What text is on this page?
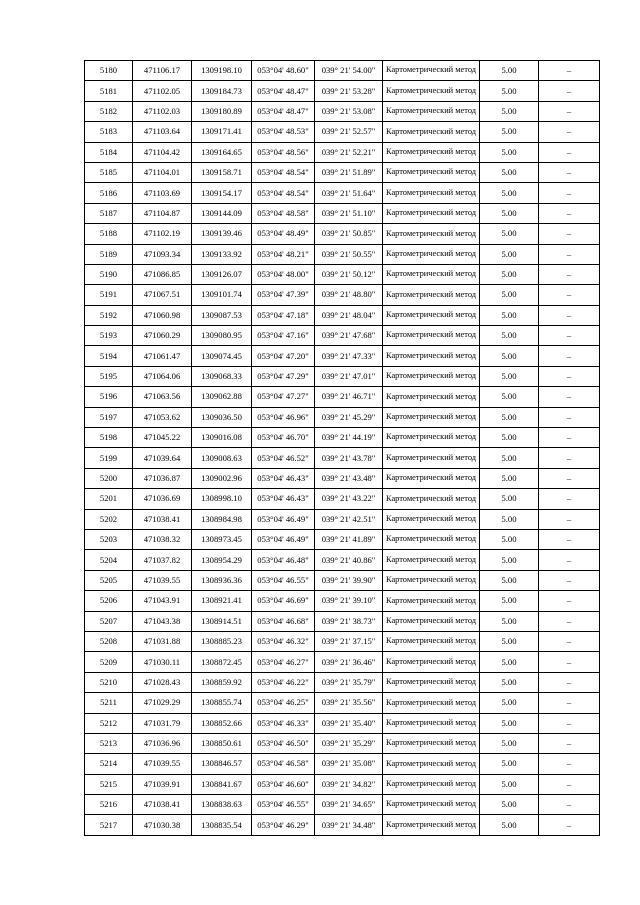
5180	471106.17	1309198.10	053°04' 48.60"	039° 21' 54.00"	Картометрический метод	5.00	–
5181	471102.05	1309184.73	053°04' 48.47"	039° 21' 53.28"	Картометрический метод	5.00	–
5182	471102.03	1309180.89	053°04' 48.47"	039° 21' 53.08"	Картометрический метод	5.00	–
5183	471103.64	1309171.41	053°04' 48.53"	039° 21' 52.57"	Картометрический метод	5.00	–
5184	471104.42	1309164.65	053°04' 48.56"	039° 21' 52.21"	Картометрический метод	5.00	–
5185	471104.01	1309158.71	053°04' 48.54"	039° 21' 51.89"	Картометрический метод	5.00	–
5186	471103.69	1309154.17	053°04' 48.54"	039° 21' 51.64"	Картометрический метод	5.00	–
5187	471104.87	1309144.09	053°04' 48.58"	039° 21' 51.10"	Картометрический метод	5.00	–
5188	471102.19	1309139.46	053°04' 48.49"	039° 21' 50.85"	Картометрический метод	5.00	–
5189	471093.34	1309133.92	053°04' 48.21"	039° 21' 50.55"	Картометрический метод	5.00	–
5190	471086.85	1309126.07	053°04' 48.00"	039° 21' 50.12"	Картометрический метод	5.00	–
5191	471067.51	1309101.74	053°04' 47.39"	039° 21' 48.80"	Картометрический метод	5.00	–
5192	471060.98	1309087.53	053°04' 47.18"	039° 21' 48.04"	Картометрический метод	5.00	–
5193	471060.29	1309080.95	053°04' 47.16"	039° 21' 47.68"	Картометрический метод	5.00	–
5194	471061.47	1309074.45	053°04' 47.20"	039° 21' 47.33"	Картометрический метод	5.00	–
5195	471064.06	1309068.33	053°04' 47.29"	039° 21' 47.01"	Картометрический метод	5.00	–
5196	471063.56	1309062.88	053°04' 47.27"	039° 21' 46.71"	Картометрический метод	5.00	–
5197	471053.62	1309036.50	053°04' 46.96"	039° 21' 45.29"	Картометрический метод	5.00	–
5198	471045.22	1309016.08	053°04' 46.70"	039° 21' 44.19"	Картометрический метод	5.00	–
5199	471039.64	1309008.63	053°04' 46.52"	039° 21' 43.78"	Картометрический метод	5.00	–
5200	471036.87	1309002.96	053°04' 46.43"	039° 21' 43.48"	Картометрический метод	5.00	–
5201	471036.69	1308998.10	053°04' 46.43"	039° 21' 43.22"	Картометрический метод	5.00	–
5202	471038.41	1308984.98	053°04' 46.49"	039° 21' 42.51"	Картометрический метод	5.00	–
5203	471038.32	1308973.45	053°04' 46.49"	039° 21' 41.89"	Картометрический метод	5.00	–
5204	471037.82	1308954.29	053°04' 46.48"	039° 21' 40.86"	Картометрический метод	5.00	–
5205	471039.55	1308936.36	053°04' 46.55"	039° 21' 39.90"	Картометрический метод	5.00	–
5206	471043.91	1308921.41	053°04' 46.69"	039° 21' 39.10"	Картометрический метод	5.00	–
5207	471043.38	1308914.51	053°04' 46.68"	039° 21' 38.73"	Картометрический метод	5.00	–
5208	471031.88	1308885.23	053°04' 46.32"	039° 21' 37.15"	Картометрический метод	5.00	–
5209	471030.11	1308872.45	053°04' 46.27"	039° 21' 36.46"	Картометрический метод	5.00	–
5210	471028.43	1308859.92	053°04' 46.22"	039° 21' 35.79"	Картометрический метод	5.00	–
5211	471029.29	1308855.74	053°04' 46.25"	039° 21' 35.56"	Картометрический метод	5.00	–
5212	471031.79	1308852.66	053°04' 46.33"	039° 21' 35.40"	Картометрический метод	5.00	–
5213	471036.96	1308850.61	053°04' 46.50"	039° 21' 35.29"	Картометрический метод	5.00	–
5214	471039.55	1308846.57	053°04' 46.58"	039° 21' 35.08"	Картометрический метод	5.00	–
5215	471039.91	1308841.67	053°04' 46.60"	039° 21' 34.82"	Картометрический метод	5.00	–
5216	471038.41	1308838.63	053°04' 46.55"	039° 21' 34.65"	Картометрический метод	5.00	–
5217	471030.38	1308835.54	053°04' 46.29"	039° 21' 34.48"	Картометрический метод	5.00	–
